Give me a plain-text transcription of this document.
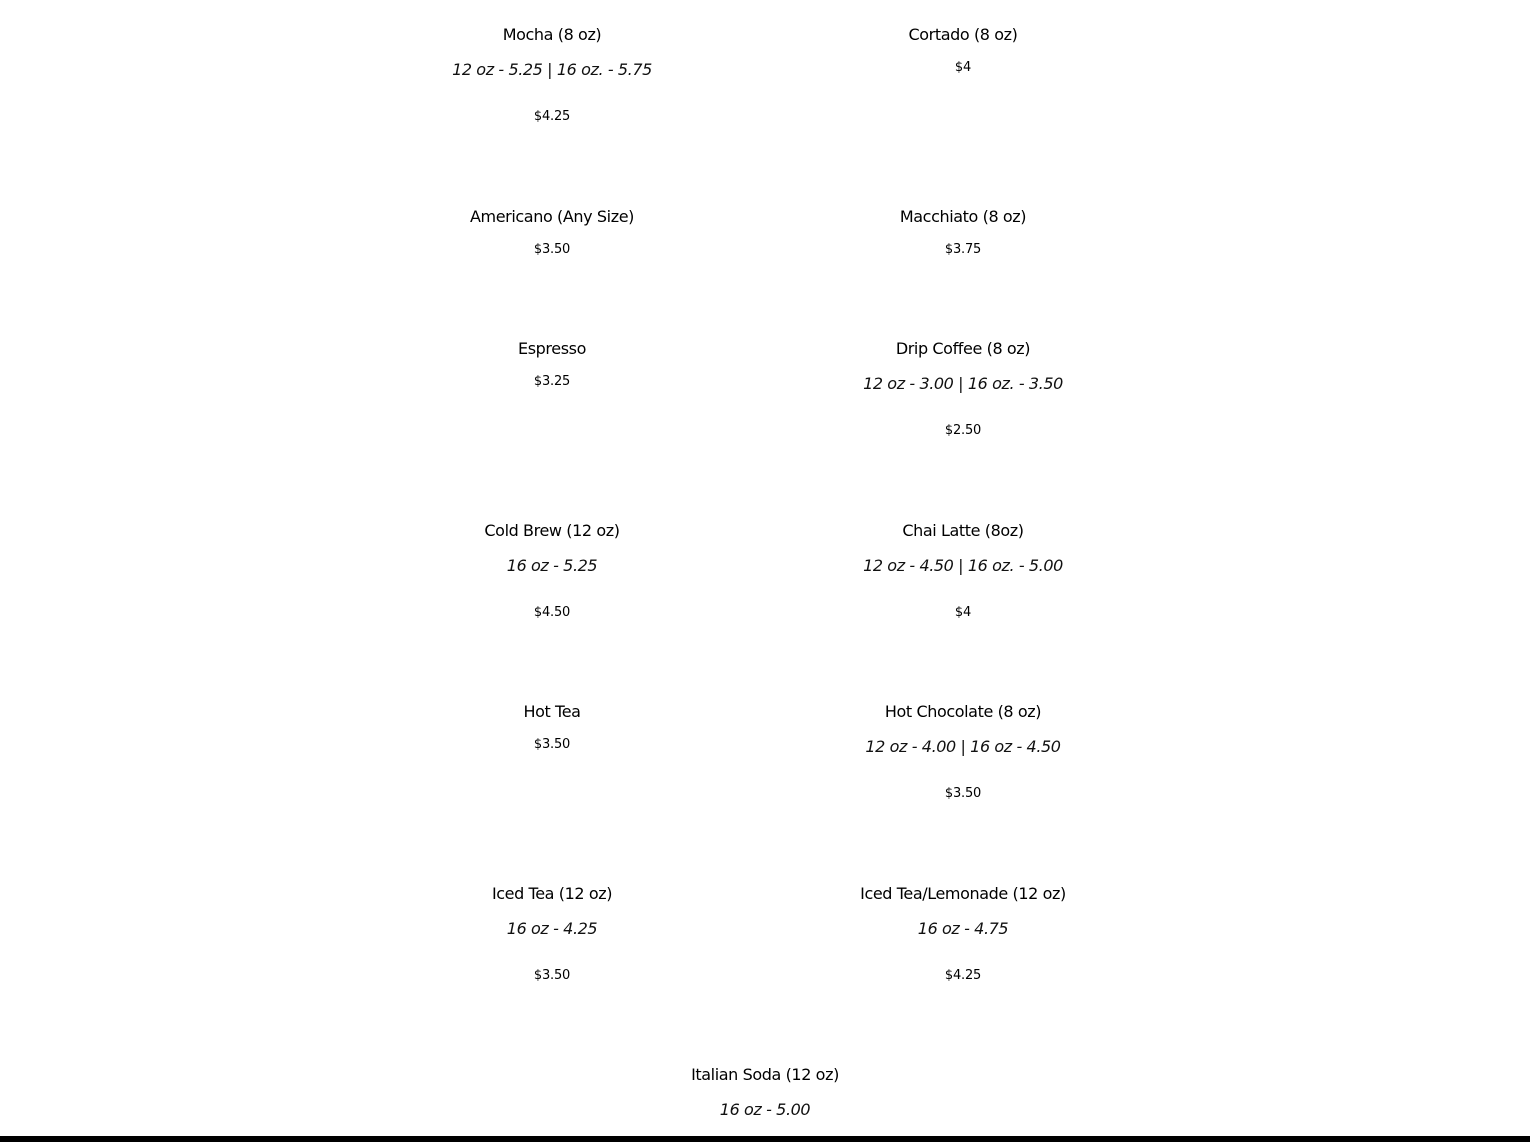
Mocha (8 oz)
12 oz - 5.25 | 16 oz. - 5.75
$4.25
Cortado (8 oz)
$4
Americano (Any Size)
$3.50
Macchiato (8 oz)
$3.75
Espresso
$3.25
Drip Coffee (8 oz)
12 oz - 3.00 | 16 oz. - 3.50
$2.50
Cold Brew (12 oz)
16 oz - 5.25
$4.50
Chai Latte (8oz)
12 oz - 4.50 | 16 oz. - 5.00
$4
Hot Tea
$3.50
Hot Chocolate (8 oz)
12 oz - 4.00 | 16 oz - 4.50
$3.50
Iced Tea (12 oz)
16 oz - 4.25
$3.50
Iced Tea/Lemonade (12 oz)
16 oz - 4.75
$4.25
Italian Soda (12 oz)
16 oz - 5.00
